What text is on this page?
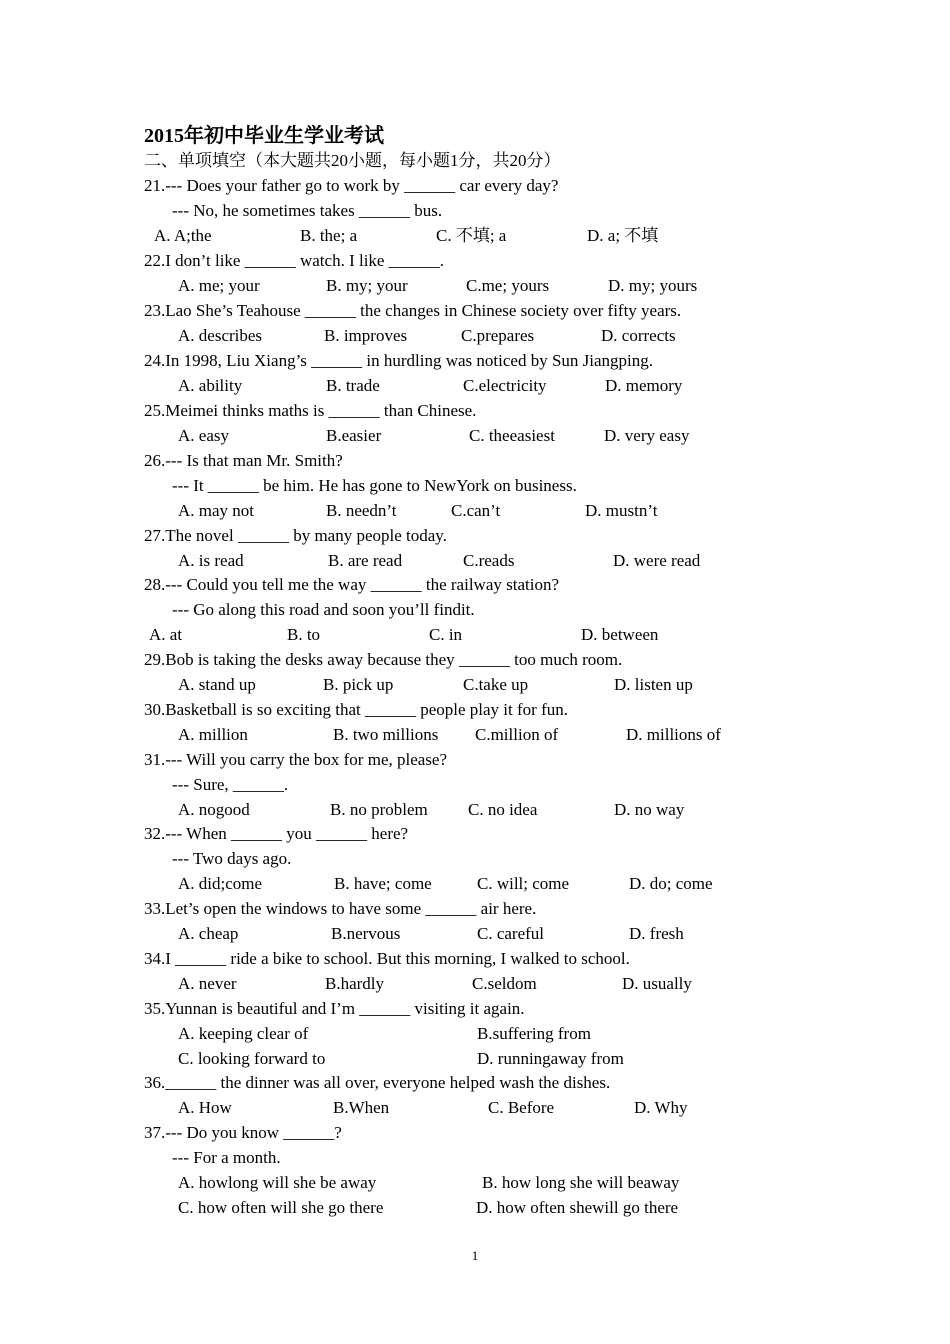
2015年初中毕业生学业考试
二、单项填空（本大题共20小题，每小题1分，共20分）
21.--- Does your father go to work by ______ car every day?
--- No, he sometimes takes ______ bus.
A. A;the	B. the; a	C. 不填; a	D. a; 不填
22.I don’t like ______ watch. I like ______.
A. me; your	B. my; your	C.me; yours	D. my; yours
23.Lao She’s Teahouse ______ the changes in Chinese society over fifty years.
A. describes	B. improves	C.prepares	D. corrects
24.In 1998, Liu Xiang’s ______ in hurdling was noticed by Sun Jiangping.
A. ability	B. trade	C.electricity	D. memory
25.Meimei thinks maths is ______ than Chinese.
A. easy	B.easier	C. theeasiest	D. very easy
26.--- Is that man Mr. Smith?
--- It ______ be him. He has gone to NewYork on business.
A. may not	B. needn’t	C.can’t	D. mustn’t
27.The novel ______ by many people today.
A. is read	B. are read	C.reads	D. were read
28.--- Could you tell me the way ______ the railway station?
--- Go along this road and soon you’ll findit.
A. at	B. to	C. in	D. between
29.Bob is taking the desks away because they ______ too much room.
A. stand up	B. pick up	C.take up	D. listen up
30.Basketball is so exciting that ______ people play it for fun.
A. million	B. two millions C.million of	D. millions of
31.--- Will you carry the box for me, please?
--- Sure, ______.
A. nogood	B. no problem C. no idea	D. no way
32.--- When ______ you ______ here?
--- Two days ago.
A. did;come	B. have; come	C. will; come	D. do; come
33.Let’s open the windows to have some ______ air here.
A. cheap	B.nervous	C. careful	D. fresh
34.I ______ ride a bike to school. But this morning, I walked to school.
A. never	B.hardly	C.seldom	D. usually
35.Yunnan is beautiful and I’m ______ visiting it again.
A. keeping clear of	B.suffering from
C. looking forward to	D. runningaway from
36.______ the dinner was all over, everyone helped wash the dishes.
A. How	B.When	C. Before	D. Why
37.--- Do you know ______?
--- For a month.
A. howlong will she be away	B. how long she will beaway
C. how often will she go there	D. how often shewill go there
1
